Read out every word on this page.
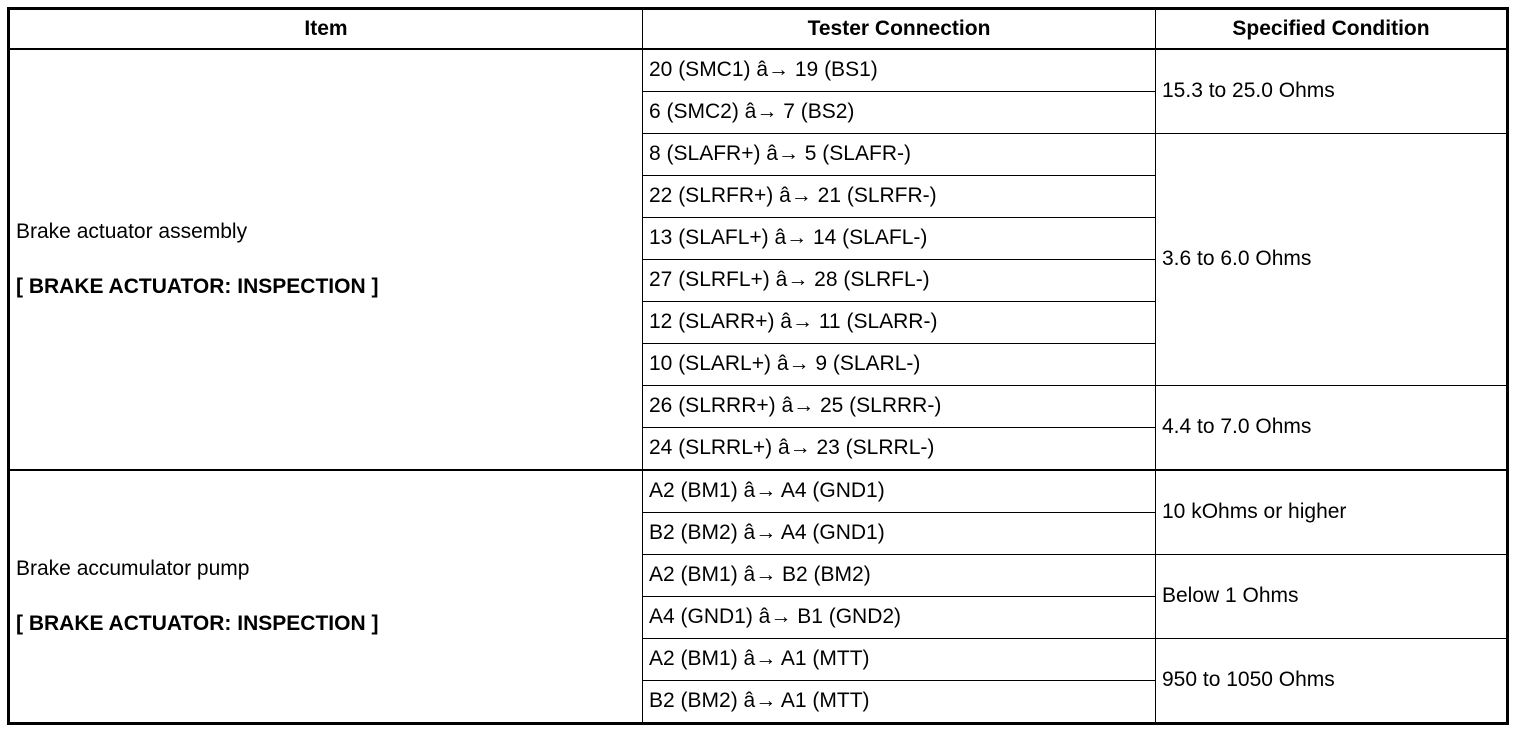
Item	Tester Connection	Specified Condition

Brake actuator assembly
[ BRAKE ACTUATOR: INSPECTION ]	20 (SMC1) â→ 19 (BS1)	15.3 to 25.0 Ohms
	6 (SMC2) â→ 7 (BS2)	
	8 (SLAFR+) â→ 5 (SLAFR-)	3.6 to 6.0 Ohms
	22 (SLRFR+) â→ 21 (SLRFR-)	
	13 (SLAFL+) â→ 14 (SLAFL-)	
	27 (SLRFL+) â→ 28 (SLRFL-)	
	12 (SLARR+) â→ 11 (SLARR-)	
	10 (SLARL+) â→ 9 (SLARL-)	
	26 (SLRRR+) â→ 25 (SLRRR-)	4.4 to 7.0 Ohms
	24 (SLRRL+) â→ 23 (SLRRL-)	

Brake accumulator pump
[ BRAKE ACTUATOR: INSPECTION ]	A2 (BM1) â→ A4 (GND1)	10 kOhms or higher
	B2 (BM2) â→ A4 (GND1)	
	A2 (BM1) â→ B2 (BM2)	Below 1 Ohms
	A4 (GND1) â→ B1 (GND2)	
	A2 (BM1) â→ A1 (MTT)	950 to 1050 Ohms
	B2 (BM2) â→ A1 (MTT)	
